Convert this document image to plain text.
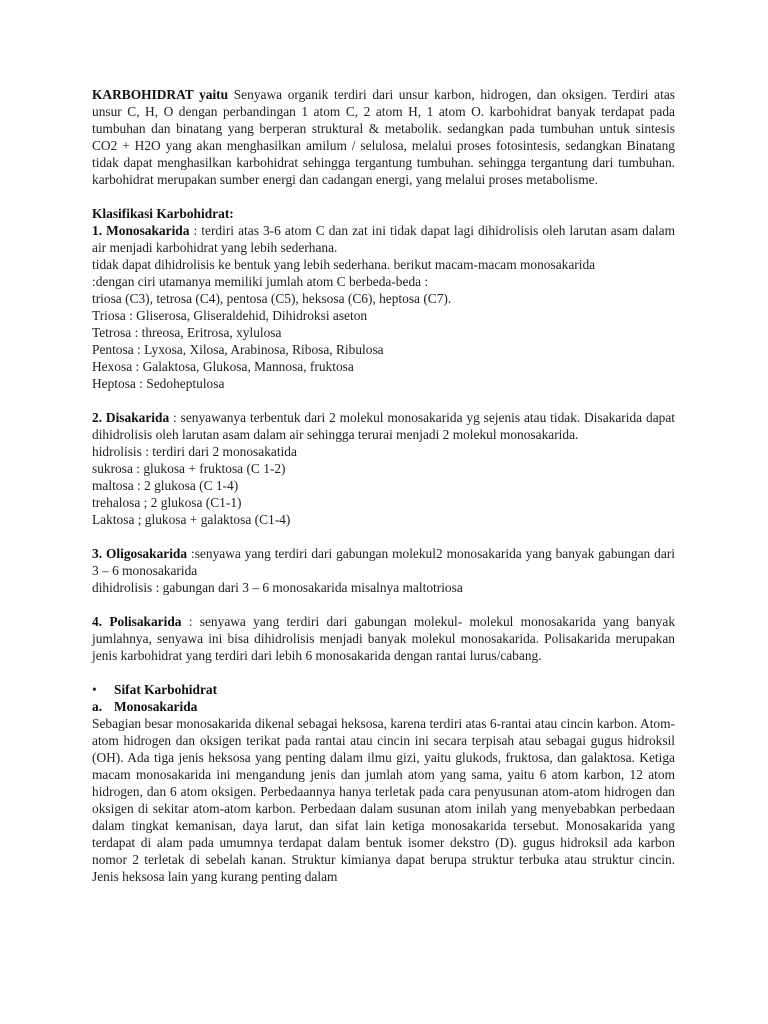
KARBOHIDRAT yaitu Senyawa organik terdiri dari unsur karbon, hidrogen, dan oksigen. Terdiri atas unsur C, H, O dengan perbandingan 1 atom C, 2 atom H, 1 atom O. karbohidrat banyak terdapat pada tumbuhan dan binatang yang berperan struktural & metabolik. sedangkan pada tumbuhan untuk sintesis CO2 + H2O yang akan menghasilkan amilum / selulosa, melalui proses fotosintesis, sedangkan Binatang tidak dapat menghasilkan karbohidrat sehingga tergantung tumbuhan. sehingga tergantung dari tumbuhan. karbohidrat merupakan sumber energi dan cadangan energi, yang melalui proses metabolisme.

Klasifikasi Karbohidrat:

1. Monosakarida : terdiri atas 3-6 atom C dan zat ini tidak dapat lagi dihidrolisis oleh larutan asam dalam air menjadi karbohidrat yang lebih sederhana.

tidak dapat dihidrolisis ke bentuk yang lebih sederhana. berikut macam-macam monosakarida

:dengan ciri utamanya memiliki jumlah atom C berbeda-beda :

triosa (C3), tetrosa (C4), pentosa (C5), heksosa (C6), heptosa (C7).

Triosa : Gliserosa, Gliseraldehid, Dihidroksi aseton

Tetrosa : threosa, Eritrosa, xylulosa

Pentosa : Lyxosa, Xilosa, Arabinosa, Ribosa, Ribulosa

Hexosa : Galaktosa, Glukosa, Mannosa, fruktosa

Heptosa : Sedoheptulosa

2. Disakarida : senyawanya terbentuk dari 2 molekul monosakarida yg sejenis atau tidak. Disakarida dapat dihidrolisis oleh larutan asam dalam air sehingga terurai menjadi 2 molekul monosakarida.

hidrolisis : terdiri dari 2 monosakatida

sukrosa : glukosa + fruktosa (C 1-2)

maltosa : 2 glukosa (C 1-4)

trehalosa ; 2 glukosa (C1-1)

Laktosa ; glukosa + galaktosa (C1-4)

3. Oligosakarida :senyawa yang terdiri dari gabungan molekul2 monosakarida yang banyak gabungan dari 3 – 6 monosakarida

dihidrolisis : gabungan dari 3 – 6 monosakarida misalnya maltotriosa

4. Polisakarida : senyawa yang terdiri dari gabungan molekul- molekul monosakarida yang banyak jumlahnya, senyawa ini bisa dihidrolisis menjadi banyak molekul monosakarida. Polisakarida merupakan jenis karbohidrat yang terdiri dari lebih 6 monosakarida dengan rantai lurus/cabang.

• Sifat Karbohidrat

a. Monosakarida

Sebagian besar monosakarida dikenal sebagai heksosa, karena terdiri atas 6-rantai atau cincin karbon. Atom-atom hidrogen dan oksigen terikat pada rantai atau cincin ini secara terpisah atau sebagai gugus hidroksil (OH). Ada tiga jenis heksosa yang penting dalam ilmu gizi, yaitu glukods, fruktosa, dan galaktosa. Ketiga macam monosakarida ini mengandung jenis dan jumlah atom yang sama, yaitu 6 atom karbon, 12 atom hidrogen, dan 6 atom oksigen. Perbedaannya hanya terletak pada cara penyusunan atom-atom hidrogen dan oksigen di sekitar atom-atom karbon. Perbedaan dalam susunan atom inilah yang menyebabkan perbedaan dalam tingkat kemanisan, daya larut, dan sifat lain ketiga monosakarida tersebut. Monosakarida yang terdapat di alam pada umumnya terdapat dalam bentuk isomer dekstro (D). gugus hidroksil ada karbon nomor 2 terletak di sebelah kanan. Struktur kimianya dapat berupa struktur terbuka atau struktur cincin. Jenis heksosa lain yang kurang penting dalam
